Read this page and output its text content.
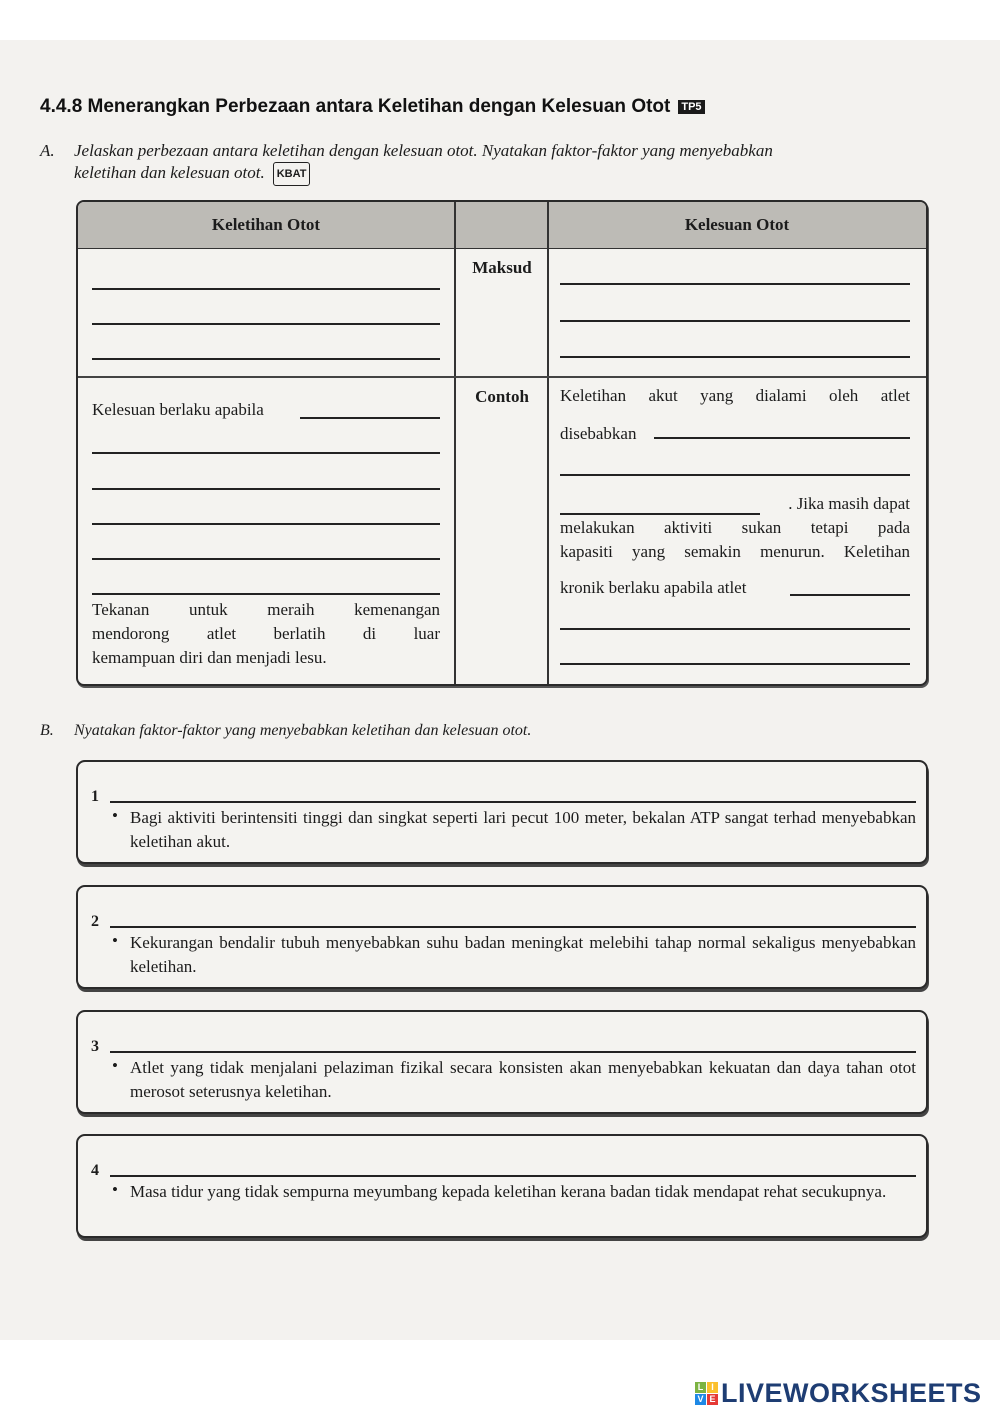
4.4.8 Menerangkan Perbezaan antara Keletihan dengan Kelesuan Otot TP5
A. Jelaskan perbezaan antara keletihan dengan kelesuan otot. Nyatakan faktor-faktor yang menyebabkan
keletihan dan kelesuan otot. KBAT
Keletihan Otot	Kelesuan Otot
Maksud
Contoh
Kelesuan berlaku apabila
Tekanan untuk meraih kemenangan
mendorong atlet berlatih di luar
kemampuan diri dan menjadi lesu.
Keletihan akut yang dialami oleh atlet
disebabkan
. Jika masih dapat
melakukan aktiviti sukan tetapi pada
kapasiti yang semakin menurun. Keletihan
kronik berlaku apabila atlet
B. Nyatakan faktor-faktor yang menyebabkan keletihan dan kelesuan otot.
1
• Bagi aktiviti berintensiti tinggi dan singkat seperti lari pecut 100 meter, bekalan ATP sangat terhad menyebabkan keletihan akut.
2
• Kekurangan bendalir tubuh menyebabkan suhu badan meningkat melebihi tahap normal sekaligus menyebabkan keletihan.
3
• Atlet yang tidak menjalani pelaziman fizikal secara konsisten akan menyebabkan kekuatan dan daya tahan otot merosot seterusnya keletihan.
4
• Masa tidur yang tidak sempurna meyumbang kepada keletihan kerana badan tidak mendapat rehat secukupnya.
L I
V E LIVEWORKSHEETS
